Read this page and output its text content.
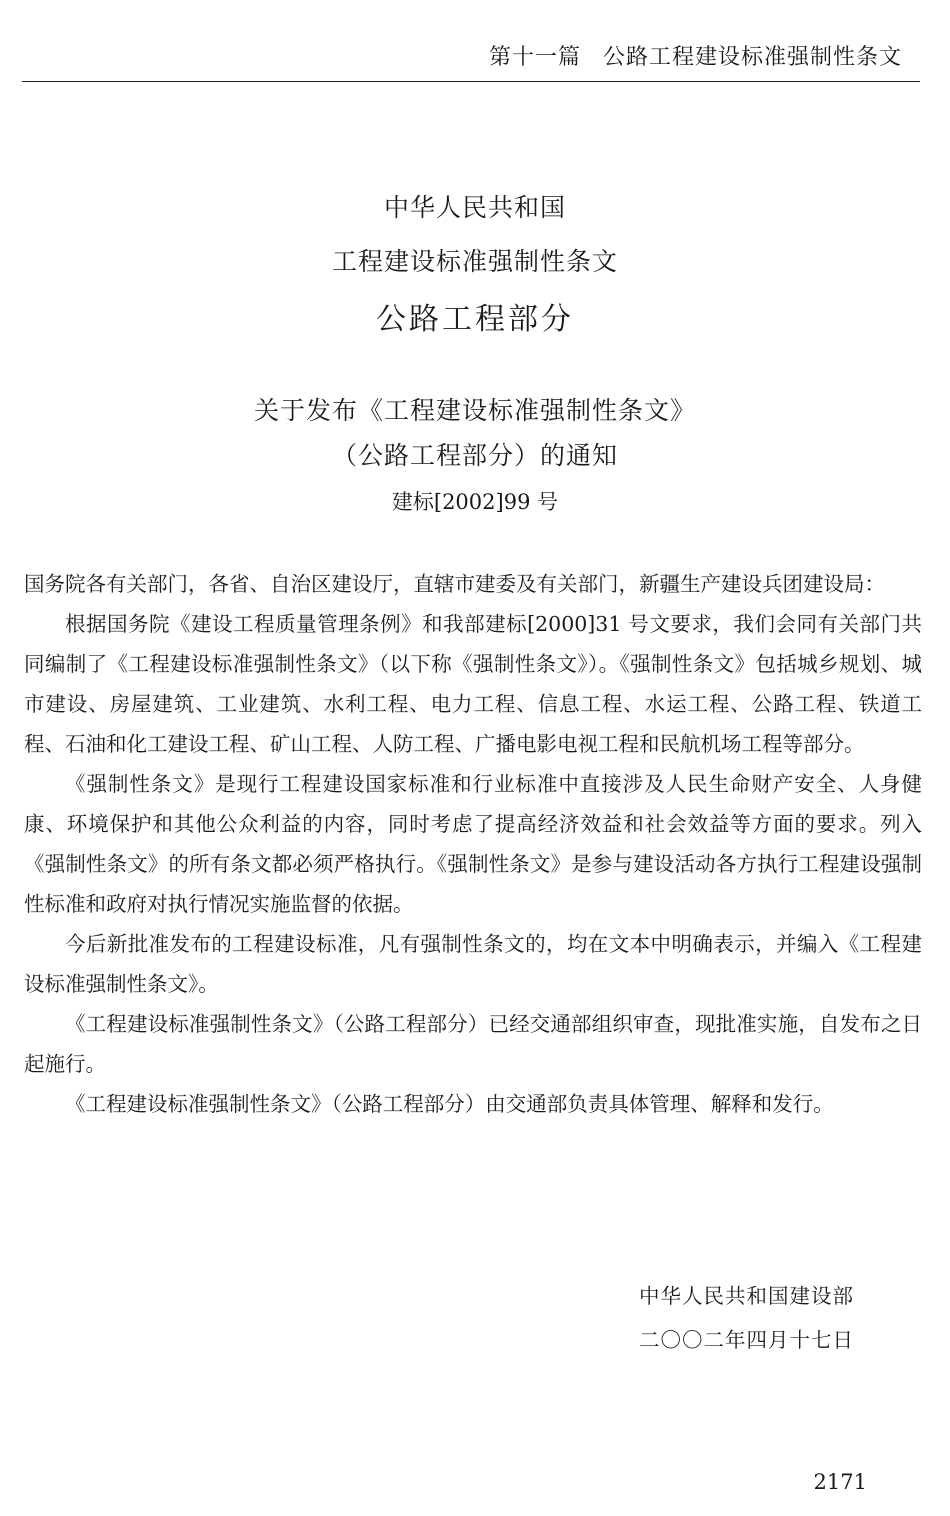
第十一篇 公路工程建设标准强制性条文
中华人民共和国
工程建设标准强制性条文
公路工程部分
关于发布《工程建设标准强制性条文》
（公路工程部分）的通知
建标[2002]99 号

国务院各有关部门，各省、自治区建设厅，直辖市建委及有关部门，新疆生产建设兵团建设局：

根据国务院《建设工程质量管理条例》和我部建标[2000]31 号文要求，我们会同有关部门共同编制了《工程建设标准强制性条文》（以下称《强制性条文》）。《强制性条文》包括城乡规划、城市建设、房屋建筑、工业建筑、水利工程、电力工程、信息工程、水运工程、公路工程、铁道工程、石油和化工建设工程、矿山工程、人防工程、广播电影电视工程和民航机场工程等部分。

《强制性条文》是现行工程建设国家标准和行业标准中直接涉及人民生命财产安全、人身健康、环境保护和其他公众利益的内容，同时考虑了提高经济效益和社会效益等方面的要求。列入《强制性条文》的所有条文都必须严格执行。《强制性条文》是参与建设活动各方执行工程建设强制性标准和政府对执行情况实施监督的依据。

今后新批准发布的工程建设标准，凡有强制性条文的，均在文本中明确表示，并编入《工程建设标准强制性条文》。

《工程建设标准强制性条文》（公路工程部分）已经交通部组织审查，现批准实施，自发布之日起施行。

《工程建设标准强制性条文》（公路工程部分）由交通部负责具体管理、解释和发行。

中华人民共和国建设部
二〇〇二年四月十七日
2171
